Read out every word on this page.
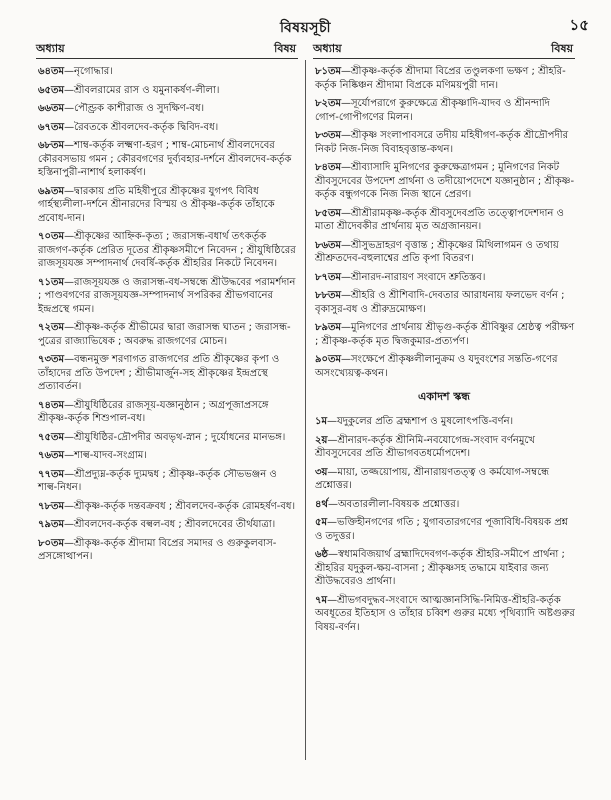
বিষয়সূচী	১৫
অধ্যায়	বিষয়
৬৪তম—নৃগোদ্ধার।
৬৫তম—শ্রীবলরামের রাস ও যমুনাকর্ষণ-লীলা।
৬৬তম—পৌণ্ড্রক কাশীরাজ ও সুদক্ষিণ-বধ।
৬৭তম—রৈবতকে শ্রীবলদেব-কর্তৃক দ্বিবিদ-বধ।
৬৮তম—শাম্ব-কর্তৃক লক্ষ্মণা-হরণ ; শাম্ব-মোচনার্থ শ্রীবলদেবের কৌরবসভায় গমন ; কৌরবগণের দুর্ব্যবহার-দর্শনে শ্রীবলদেব-কর্তৃক হস্তিনাপুরী-নাশার্থ হলাকর্ষণ।
৬৯তম—দ্বারকায় প্রতি মহিষীপুরে শ্রীকৃষ্ণের যুগপৎ বিবিধ গার্হস্থ্যলীলা-দর্শনে শ্রীনারদের বিস্ময় ও শ্রীকৃষ্ণ-কর্তৃক তাঁহাকে প্রবোধ-দান।
৭০তম—শ্রীকৃষ্ণের আহ্নিক-কৃত্য ; জরাসন্ধ-বধার্থ তৎকর্তৃক রাজগণ-কর্তৃক প্রেরিত দূতের শ্রীকৃষ্ণসমীপে নিবেদন ; শ্রীযুধিষ্ঠিরের রাজসূয়যজ্ঞ সম্পাদনার্থ দেবর্ষি-কর্তৃক শ্রীহরির নিকটে নিবেদন।
৭১তম—রাজসূয়যজ্ঞ ও জরাসন্ধ-বধ-সম্বন্ধে শ্রীউদ্ধবের পরামর্শদান ; পাণ্ডবগণের রাজসূয়যজ্ঞ-সম্পাদনার্থ সপরিকর শ্রীভগবানের ইন্দ্রপ্রস্থে গমন।
৭২তম—শ্রীকৃষ্ণ-কর্তৃক শ্রীভীমের দ্বারা জরাসন্ধ ঘাতন ; জরাসন্ধ-পুত্রের রাজ্যাভিষেক ; অবরুদ্ধ রাজগণের মোচন।
৭৩তম—বন্ধনমুক্ত শরণাগত রাজগণের প্রতি শ্রীকৃষ্ণের কৃপা ও তাঁহাদের প্রতি উপদেশ ; শ্রীভীমার্জুন-সহ শ্রীকৃষ্ণের ইন্দ্রপ্রস্থে প্রত্যাবর্তন।
৭৪তম—শ্রীযুধিষ্ঠিরের রাজসূয়-যজ্ঞানুষ্ঠান ; অগ্রপূজাপ্রসঙ্গে শ্রীকৃষ্ণ-কর্তৃক শিশুপাল-বধ।
৭৫তম—শ্রীযুধিষ্ঠির-দ্রৌপদীর অবভৃথ-স্নান ; দুর্যোধনের মানভঙ্গ।
৭৬তম—শাল্ব-যাদব-সংগ্রাম।
৭৭তম—শ্রীপ্রদ্যুম্ন-কর্তৃক দ্যুমদ্বধ ; শ্রীকৃষ্ণ-কর্তৃক সৌভভঞ্জন ও শাল্ব-নিধন।
৭৮তম—শ্রীকৃষ্ণ-কর্তৃক দন্তবক্রবধ ; শ্রীবলদেব-কর্তৃক রোমহর্ষণ-বধ।
৭৯তম—শ্রীবলদেব-কর্তৃক বল্বল-বধ ; শ্রীবলদেবের তীর্থযাত্রা।
৮০তম—শ্রীকৃষ্ণ-কর্তৃক শ্রীদামা বিপ্রের সমাদর ও গুরুকুলবাস-প্রসঙ্গোত্থাপন।
অধ্যায়	বিষয়
৮১তম—শ্রীকৃষ্ণ-কর্তৃক শ্রীদামা বিপ্রের তণ্ডুলকণা ভক্ষণ ; শ্রীহরি-কর্তৃক নিষ্কিঞ্চন শ্রীদামা বিপ্রকে মণিময়পুরী দান।
৮২তম—সূর্যোপরাগে কুরুক্ষেত্রে শ্রীকৃষ্ণাদি-যাদব ও শ্রীনন্দাদি গোপ-গোপীগণের মিলন।
৮৩তম—শ্রীকৃষ্ণ সংলাপাবসরে তদীয় মহিষীগণ-কর্তৃক শ্রীদ্রৌপদীর নিকট নিজ-নিজ বিবাহবৃত্তান্ত-কথন।
৮৪তম—শ্রীব্যাসাদি মুনিগণের কুরুক্ষেত্রাগমন ; মুনিগণের নিকট শ্রীবসুদেবের উপদেশ প্রার্থনা ও তদীয়োপদেশে যজ্ঞানুষ্ঠান ; শ্রীকৃষ্ণ-কর্তৃক বন্ধুগণকে নিজ নিজ স্থানে প্রেরণ।
৮৫তম—শ্রীশ্রীরামকৃষ্ণ-কর্তৃক শ্রীবসুদেবপ্রতি তত্ত্বোপদেশদান ও মাতা শ্রীদেবকীর প্রার্থনায় মৃত অগ্রজানয়ন।
৮৬তম—শ্রীসুভদ্রাহরণ বৃত্তান্ত ; শ্রীকৃষ্ণের মিথিলাগমন ও তথায় শ্রীশ্রুতদেব-বহুলাশ্বের প্রতি কৃপা বিতরণ।
৮৭তম—শ্রীনারদ-নারায়ণ সংবাদে শ্রুতিস্তব।
৮৮তম—শ্রীহরি ও শ্রীশিবাদি-দেবতার আরাধনায় ফলভেদ বর্ণন ; বৃকাসুর-বধ ও শ্রীরুদ্রমোক্ষণ।
৮৯তম—মুনিগণের প্রার্থনায় শ্রীভৃগু-কর্তৃক শ্রীবিষ্ণুর শ্রেষ্ঠত্ব পরীক্ষণ ; শ্রীকৃষ্ণ-কর্তৃক মৃত দ্বিজকুমার-প্রত্যর্পণ।
৯০তম—সংক্ষেপে শ্রীকৃষ্ণলীলানুক্রম ও যদুবংশের সন্ততি-গণের অসংখ্যেয়ত্ব-কথন।
একাদশ স্কন্ধ
১ম—যদুকুলের প্রতি ব্রহ্মশাপ ও মুষলোৎপত্তি-বর্ণন।
২য়—শ্রীনারদ-কর্তৃক শ্রীনিমি-নবযোগেন্দ্র-সংবাদ বর্ণনমুখে শ্রীবসুদেবের প্রতি শ্রীভাগবতধর্মোপদেশ।
৩য়—মায়া, তজ্জয়োপায়, শ্রীনারায়ণতত্ত্ব ও কর্মযোগ-সম্বন্ধে প্রশ্নোত্তর।
৪র্থ—অবতারলীলা-বিষয়ক প্রশ্নোত্তর।
৫ম—ভক্তিহীনগণের গতি ; যুগাবতারগণের পূজাবিধি-বিষয়ক প্রশ্ন ও তদুত্তর।
৬ষ্ঠ—স্বধামবিজয়ার্থ ব্রহ্মাদিদেবগণ-কর্তৃক শ্রীহরি-সমীপে প্রার্থনা ; শ্রীহরির যদুকুল-ক্ষয়-বাসনা ; শ্রীকৃষ্ণসহ তদ্ধামে যাইবার জন্য শ্রীউদ্ধবেরও প্রার্থনা।
৭ম—শ্রীভগবদুদ্ধব-সংবাদে আত্মজ্ঞানসিদ্ধি-নিমিত্ত-শ্রীহরি-কর্তৃক অবধূতের ইতিহাস ও তাঁহার চব্বিশ গুরুর মধ্যে পৃথিব্যাদি অষ্টগুরুর বিষয়-বর্ণন।
